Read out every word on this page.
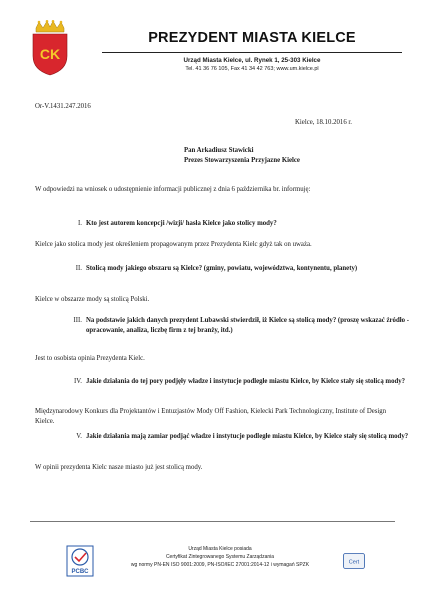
CK
PREZYDENT MIASTA KIELCE
Urząd Miasta Kielce, ul. Rynek 1, 25-303 Kielce
Tel. 41 36 76 105, Fax 41 34 42 763; www.um.kielce.pl
Or-V.1431.247.2016
Kielce, 18.10.2016 r.
Pan Arkadiusz Stawicki
Prezes Stowarzyszenia Przyjazne Kielce
W odpowiedzi na wniosek o udostępnienie informacji publicznej z dnia 6 października br. informuję:
I. Kto jest autorem koncepcji /wizji/ hasła Kielce jako stolicy mody?
Kielce jako stolica mody jest określeniem propagowanym przez Prezydenta Kielc gdyż tak on uważa.
II. Stolicą mody jakiego obszaru są Kielce? (gminy, powiatu, województwa, kontynentu, planety)
Kielce w obszarze mody są stolicą Polski.
III. Na podstawie jakich danych prezydent Lubawski stwierdził, iż Kielce są stolicą mody? (proszę wskazać źródło - opracowanie, analiza, liczbę firm z tej branży, itd.)
Jest to osobista opinia Prezydenta Kielc.
IV. Jakie działania do tej pory podjęły władze i instytucje podległe miastu Kielce, by Kielce stały się stolicą mody?
Międzynarodowy Konkurs dla Projektantów i Entuzjastów Mody Off Fashion, Kielecki Park Technologiczny, Institute of Design Kielce.
V. Jakie działania mają zamiar podjąć władze i instytucje podległe miastu Kielce, by Kielce stały się stolicą mody?
W opinii prezydenta Kielc nasze miasto już jest stolicą mody.
PCBC
Urząd Miasta Kielce posiada
Certyfikat Zintegrowanego Systemu Zarządzania
wg normy PN-EN ISO 9001:2009, PN-ISO/IEC 27001:2014-12 i wymagań SPZK	Cert
